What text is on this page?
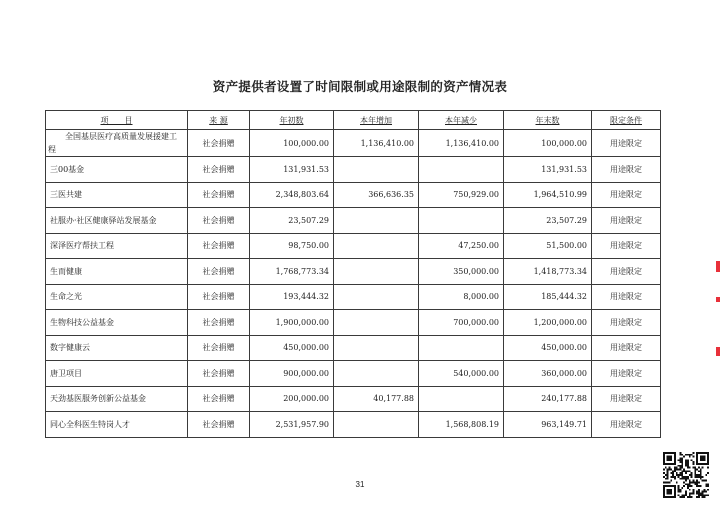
资产提供者设置了时间限制或用途限制的资产情况表
项　　目	来 源	年初数	本年增加	本年减少	年末数	限定条件

全国基层医疗高质量发展援建工
程	社会捐赠	100,000.00	1,136,410.00	1,136,410.00	100,000.00	用途限定
三00基金	社会捐赠	131,931.53			131,931.53	用途限定
三医共建	社会捐赠	2,348,803.64	366,636.35	750,929.00	1,964,510.99	用途限定
社服办·社区健康驿站发展基金	社会捐赠	23,507.29			23,507.29	用途限定
深泽医疗帮扶工程	社会捐赠	98,750.00		47,250.00	51,500.00	用途限定
生而健康	社会捐赠	1,768,773.34		350,000.00	1,418,773.34	用途限定
生命之光	社会捐赠	193,444.32		8,000.00	185,444.32	用途限定
生物科技公益基金	社会捐赠	1,900,000.00		700,000.00	1,200,000.00	用途限定
数字健康云	社会捐赠	450,000.00			450,000.00	用途限定
唐卫项目	社会捐赠	900,000.00		540,000.00	360,000.00	用途限定
天劲基医服务创新公益基金	社会捐赠	200,000.00	40,177.88		240,177.88	用途限定
同心全科医生特岗人才	社会捐赠	2,531,957.90		1,568,808.19	963,149.71	用途限定
31
